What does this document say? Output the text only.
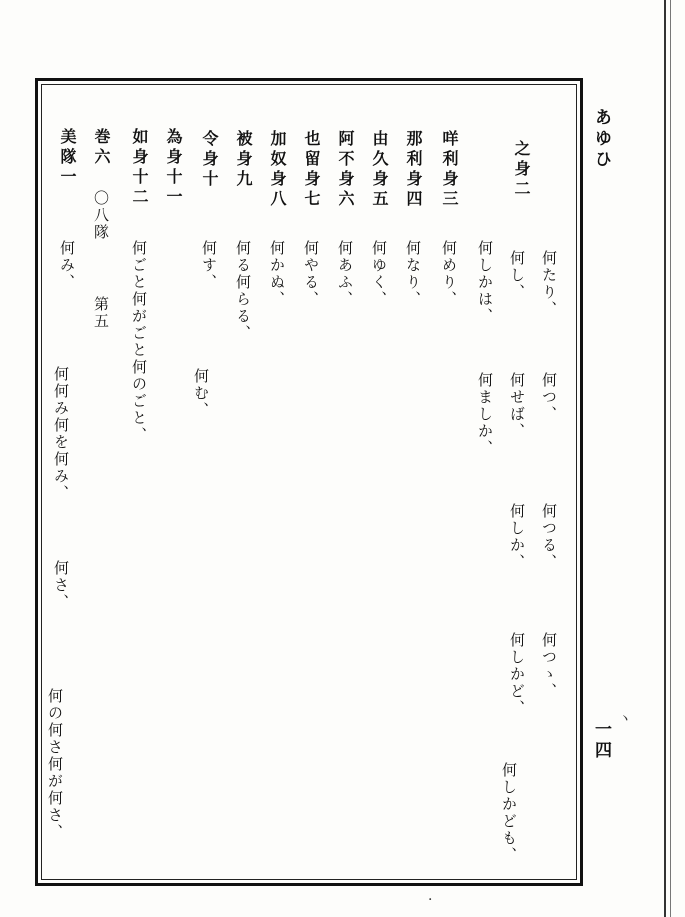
あゆひ
一四
之身二
何たり、
何つ、
何つる、
何つゝ、
何し、
何せば、
何しか、
何しかど、
何しかども、
何しかは、
何ましか、
咩利身三
何めり、
那利身四
何なり、
由久身五
何ゆく、
阿不身六
何あふ、
也留身七
何やる、
加奴身八
何かぬ、
被身九
何る何らる、
令身十
何す、
何む、
為身十一
如身十二
何ごと何がごと何のごと、
巻六
〇八隊
第五
美隊一
何み、
何何み何を何み、
何さ、
何の何さ何が何さ、	ヽ
·
